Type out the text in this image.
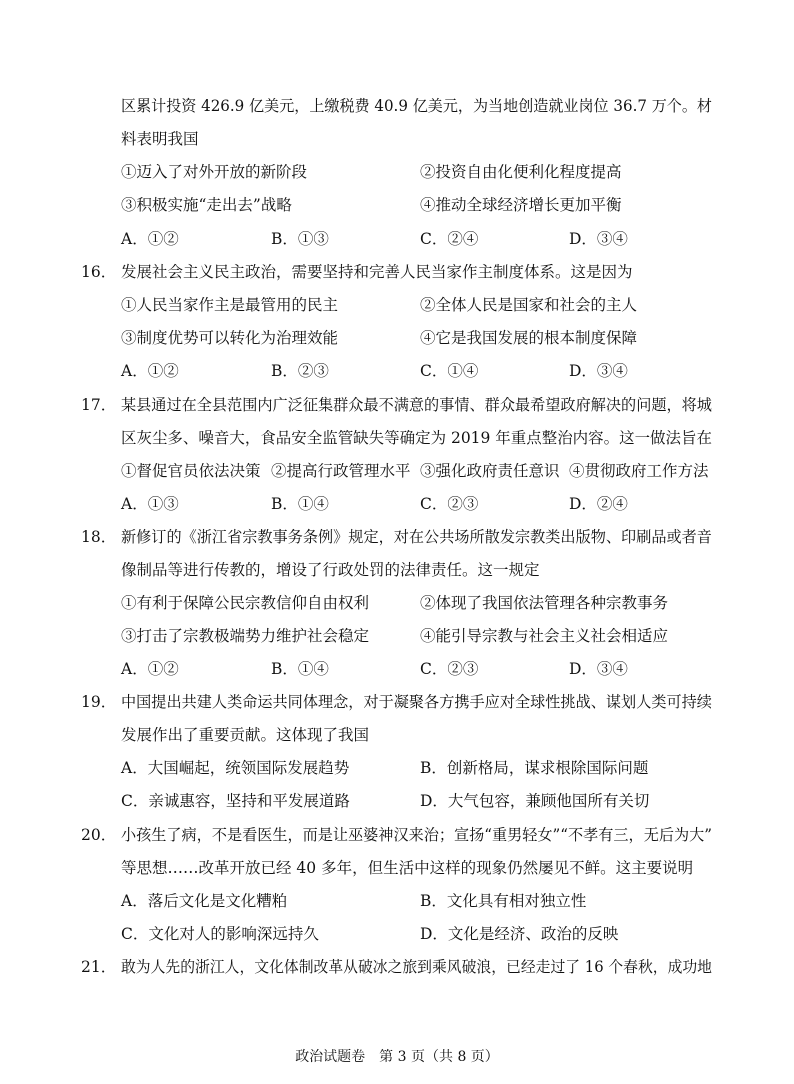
区累计投资 426.9 亿美元，上缴税费 40.9 亿美元，为当地创造就业岗位 36.7 万个。材
料表明我国
①迈入了对外开放的新阶段	②投资自由化便利化程度提高
③积极实施“走出去”战略	④推动全球经济增长更加平衡
A．①②	B．①③	C．②④	D．③④
16． 发展社会主义民主政治，需要坚持和完善人民当家作主制度体系。这是因为
①人民当家作主是最管用的民主	②全体人民是国家和社会的主人
③制度优势可以转化为治理效能	④它是我国发展的根本制度保障
A．①②	B．②③	C．①④	D．③④
17． 某县通过在全县范围内广泛征集群众最不满意的事情、群众最希望政府解决的问题，将城
区灰尘多、噪音大，食品安全监管缺失等确定为 2019 年重点整治内容。这一做法旨在
①督促官员依法决策 ②提高行政管理水平 ③强化政府责任意识 ④贯彻政府工作方法
A．①③	B．①④	C．②③	D．②④
18． 新修订的《浙江省宗教事务条例》规定，对在公共场所散发宗教类出版物、印刷品或者音
像制品等进行传教的，增设了行政处罚的法律责任。这一规定
①有利于保障公民宗教信仰自由权利	②体现了我国依法管理各种宗教事务
③打击了宗教极端势力维护社会稳定	④能引导宗教与社会主义社会相适应
A．①②	B．①④	C．②③	D．③④
19． 中国提出共建人类命运共同体理念，对于凝聚各方携手应对全球性挑战、谋划人类可持续
发展作出了重要贡献。这体现了我国
A．大国崛起，统领国际发展趋势	B．创新格局，谋求根除国际问题
C．亲诚惠容，坚持和平发展道路	D．大气包容，兼顾他国所有关切
20． 小孩生了病，不是看医生，而是让巫婆神汉来治；宣扬“重男轻女”“不孝有三，无后为大”
等思想……改革开放已经 40 多年，但生活中这样的现象仍然屡见不鲜。这主要说明
A．落后文化是文化糟粕	B．文化具有相对独立性
C．文化对人的影响深远持久	D．文化是经济、政治的反映
21． 敢为人先的浙江人，文化体制改革从破冰之旅到乘风破浪，已经走过了 16 个春秋，成功地
政治试题卷　第 3 页（共 8 页）
